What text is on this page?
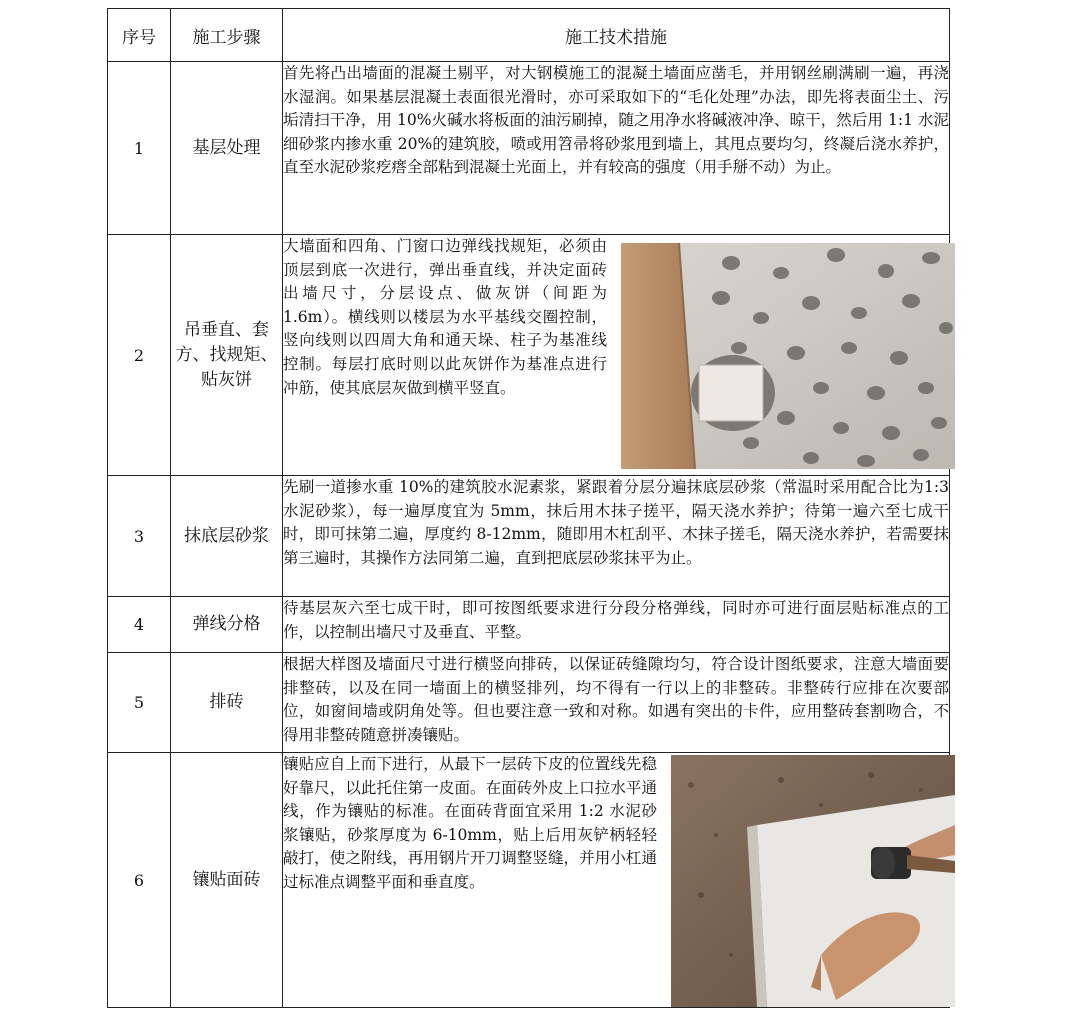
序号	施工步骤	施工技术措施
1	基层处理	首先将凸出墙面的混凝土剔平，对大钢模施工的混凝土墙面应凿毛，并用钢丝刷满刷一遍，再浇水湿润。如果基层混凝土表面很光滑时，亦可采取如下的“毛化处理”办法，即先将表面尘土、污垢清扫干净，用 10%火碱水将板面的油污刷掉，随之用净水将碱液冲净、晾干，然后用 1:1 水泥细砂浆内掺水重 20%的建筑胶，喷或用笤帚将砂浆甩到墙上，其甩点要均匀，终凝后浇水养护，直至水泥砂浆疙瘩全部粘到混凝土光面上，并有较高的强度（用手掰不动）为止。
2	吊垂直、套方、找规矩、贴灰饼	大墙面和四角、门窗口边弹线找规矩，必须由顶层到底一次进行，弹出垂直线，并决定面砖出墙尺寸，分层设点、做灰饼（间距为 1.6m）。横线则以楼层为水平基线交圈控制，竖向线则以四周大角和通天垛、柱子为基准线控制。每层打底时则以此灰饼作为基准点进行冲筋，使其底层灰做到横平竖直。
3	抹底层砂浆	先刷一道掺水重 10%的建筑胶水泥素浆，紧跟着分层分遍抹底层砂浆（常温时采用配合比为1:3 水泥砂浆），每一遍厚度宜为 5mm，抹后用木抹子搓平，隔天浇水养护；待第一遍六至七成干时，即可抹第二遍，厚度约 8-12mm，随即用木杠刮平、木抹子搓毛，隔天浇水养护，若需要抹第三遍时，其操作方法同第二遍，直到把底层砂浆抹平为止。
4	弹线分格	待基层灰六至七成干时，即可按图纸要求进行分段分格弹线，同时亦可进行面层贴标准点的工作，以控制出墙尺寸及垂直、平整。
5	排砖	根据大样图及墙面尺寸进行横竖向排砖，以保证砖缝隙均匀，符合设计图纸要求，注意大墙面要排整砖，以及在同一墙面上的横竖排列，均不得有一行以上的非整砖。非整砖行应排在次要部位，如窗间墙或阴角处等。但也要注意一致和对称。如遇有突出的卡件，应用整砖套割吻合，不得用非整砖随意拼凑镶贴。
6	镶贴面砖	镶贴应自上而下进行，从最下一层砖下皮的位置线先稳好靠尺，以此托住第一皮面。在面砖外皮上口拉水平通线，作为镶贴的标准。在面砖背面宜采用 1:2 水泥砂浆镶贴，砂浆厚度为 6-10mm，贴上后用灰铲柄轻轻敲打，使之附线，再用钢片开刀调整竖缝，并用小杠通过标准点调整平面和垂直度。
